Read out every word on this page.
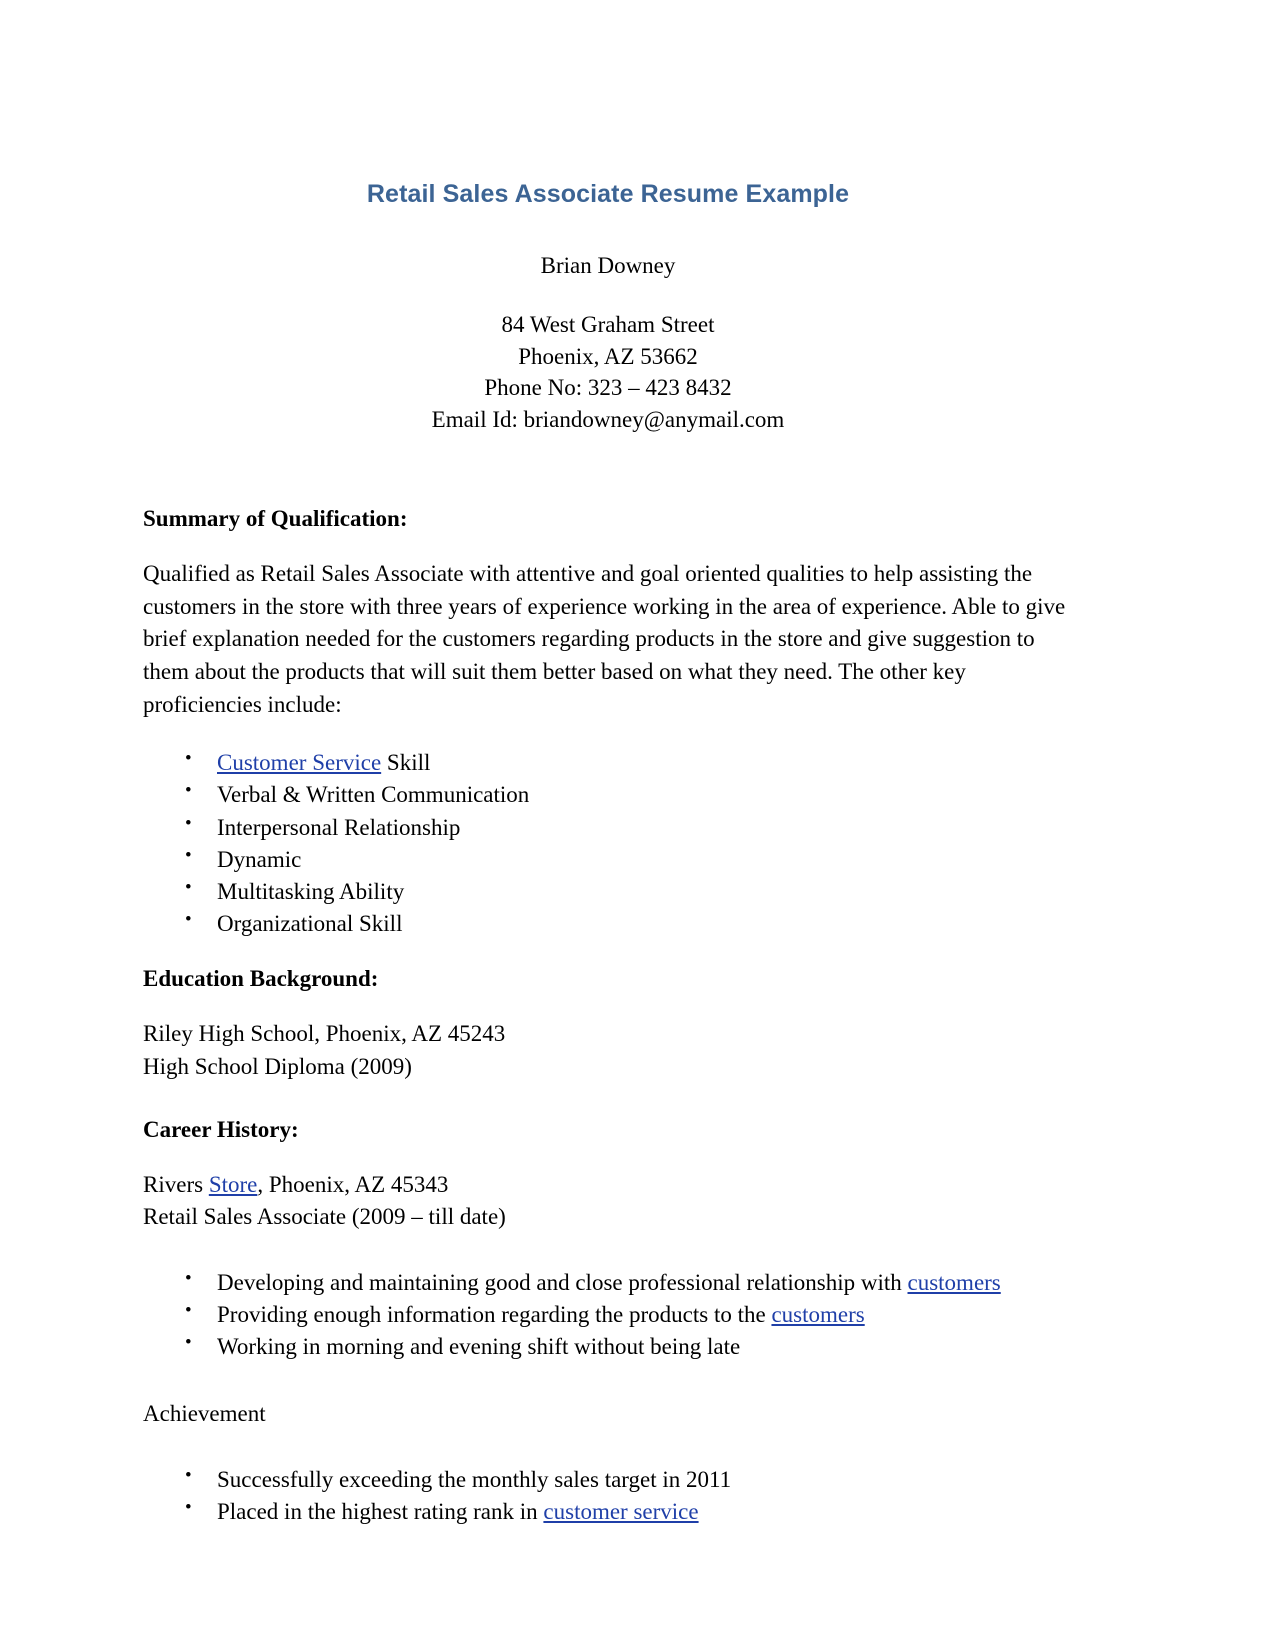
Retail Sales Associate Resume Example
Brian Downey
84 West Graham Street
Phoenix, AZ 53662
Phone No: 323 – 423 8432
Email Id: briandowney@anymail.com
Summary of Qualification:

Qualified as Retail Sales Associate with attentive and goal oriented qualities to help assisting the customers in the store with three years of experience working in the area of experience. Able to give brief explanation needed for the customers regarding products in the store and give suggestion to them about the products that will suit them better based on what they need. The other key proficiencies include:

• Customer Service Skill
• Verbal & Written Communication
• Interpersonal Relationship
• Dynamic
• Multitasking Ability
• Organizational Skill
Education Background:

Riley High School, Phoenix, AZ 45243

High School Diploma (2009)

Career History:

Rivers Store, Phoenix, AZ 45343

Retail Sales Associate (2009 – till date)

• Developing and maintaining good and close professional relationship with customers
• Providing enough information regarding the products to the customers
• Working in morning and evening shift without being late

Achievement

• Successfully exceeding the monthly sales target in 2011
• Placed in the highest rating rank in customer service
